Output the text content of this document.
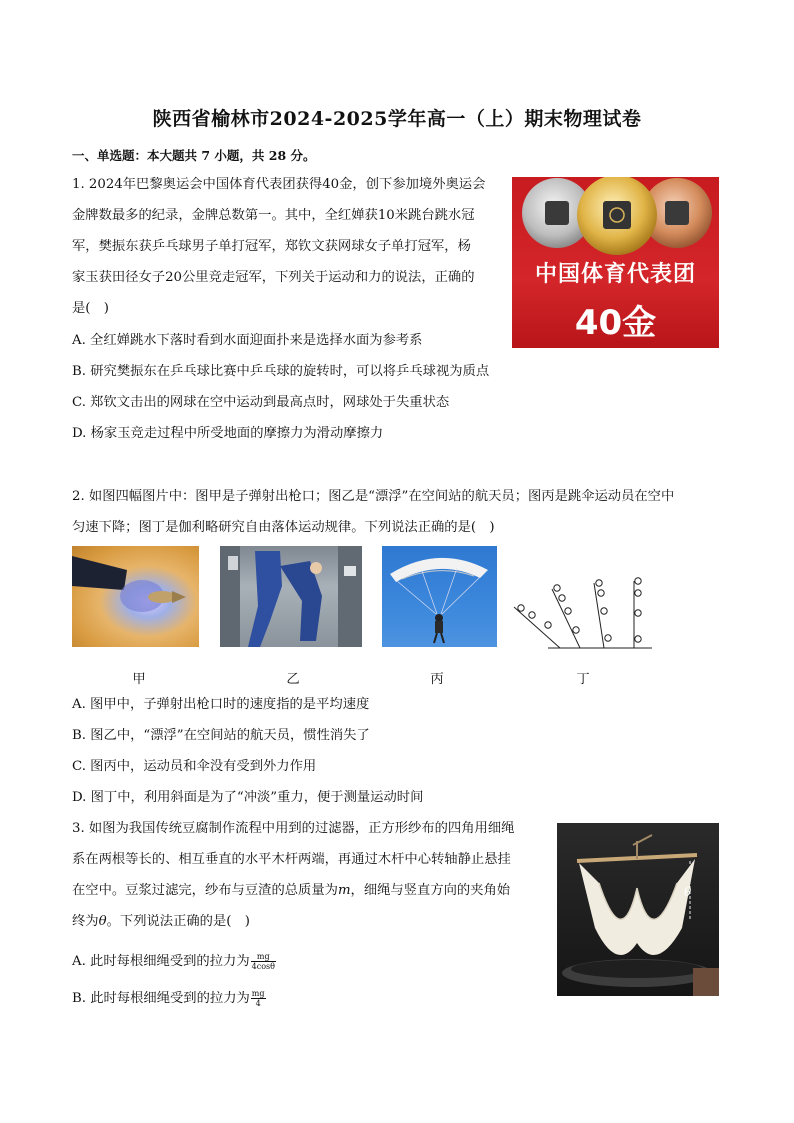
陕西省榆林市2024-2025学年高一（上）期末物理试卷
一、单选题：本大题共 7 小题，共 28 分。
1. 2024年巴黎奥运会中国体育代表团获得40金，创下参加境外奥运会
金牌数最多的纪录，金牌总数第一。其中，全红婵获10米跳台跳水冠
军，樊振东获乒乓球男子单打冠军，郑钦文获网球女子单打冠军，杨
家玉获田径女子20公里竞走冠军，下列关于运动和力的说法，正确的
是(　)
中国体育代表团
40金
A. 全红婵跳水下落时看到水面迎面扑来是选择水面为参考系
B. 研究樊振东在乒乓球比赛中乒乓球的旋转时，可以将乒乓球视为质点
C. 郑钦文击出的网球在空中运动到最高点时，网球处于失重状态
D. 杨家玉竞走过程中所受地面的摩擦力为滑动摩擦力
2. 如图四幅图片中：图甲是子弹射出枪口；图乙是“漂浮”在空间站的航天员；图丙是跳伞运动员在空中
匀速下降；图丁是伽利略研究自由落体运动规律。下列说法正确的是(　)
甲	乙	丙	丁
A. 图甲中，子弹射出枪口时的速度指的是平均速度
B. 图乙中，“漂浮”在空间站的航天员，惯性消失了
C. 图丙中，运动员和伞没有受到外力作用
D. 图丁中，利用斜面是为了“冲淡”重力，便于测量运动时间
3. 如图为我国传统豆腐制作流程中用到的过滤器，正方形纱布的四角用细绳
系在两根等长的、相互垂直的水平木杆两端，再通过木杆中心转轴静止悬挂
在空中。豆浆过滤完，纱布与豆渣的总质量为m，细绳与竖直方向的夹角始
终为θ。下列说法正确的是(　)
θ
A. 此时每根细绳受到的拉力为 $\frac{mg}{4\cos\theta}$
B. 此时每根细绳受到的拉力为 $\frac{mg}{4}$
